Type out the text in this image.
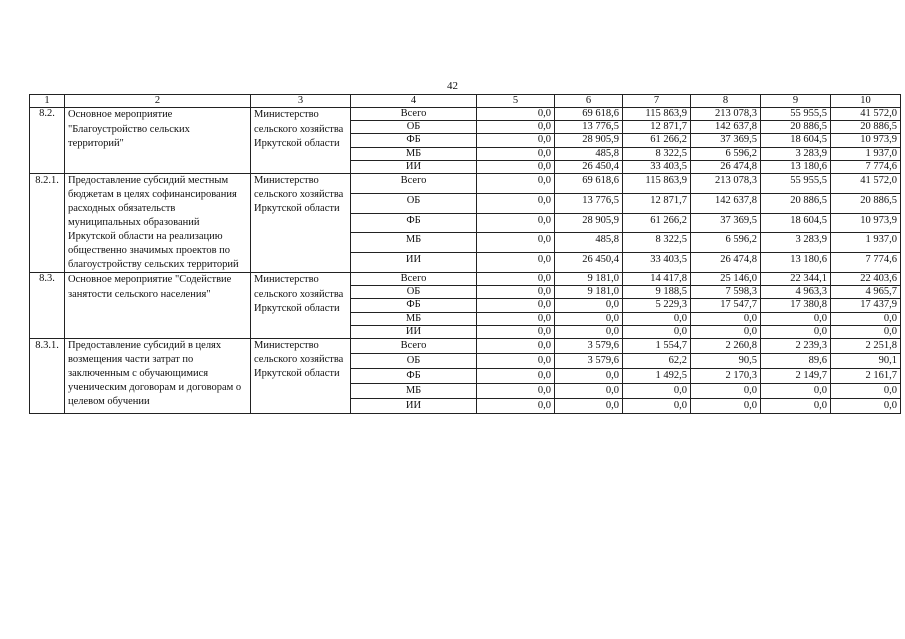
42
1	2	3	4	5	6	7	8	9	10
8.2.	Основное мероприятие "Благоустройство сельских территорий"	Министерство сельского хозяйства Иркутской области	Всего	0,0	69 618,6	115 863,9	213 078,3	55 955,5	41 572,0
			ОБ	0,0	13 776,5	12 871,7	142 637,8	20 886,5	20 886,5
			ФБ	0,0	28 905,9	61 266,2	37 369,5	18 604,5	10 973,9
			МБ	0,0	485,8	8 322,5	6 596,2	3 283,9	1 937,0
			ИИ	0,0	26 450,4	33 403,5	26 474,8	13 180,6	7 774,6
8.2.1.	Предоставление субсидий местным бюджетам в целях софинансирования расходных обязательств муниципальных образований Иркутской области на реализацию общественно значимых проектов по благоустройству сельских территорий	Министерство сельского хозяйства Иркутской области	Всего	0,0	69 618,6	115 863,9	213 078,3	55 955,5	41 572,0
			ОБ	0,0	13 776,5	12 871,7	142 637,8	20 886,5	20 886,5
			ФБ	0,0	28 905,9	61 266,2	37 369,5	18 604,5	10 973,9
			МБ	0,0	485,8	8 322,5	6 596,2	3 283,9	1 937,0
			ИИ	0,0	26 450,4	33 403,5	26 474,8	13 180,6	7 774,6
8.3.	Основное мероприятие "Содействие занятости сельского населения"	Министерство сельского хозяйства Иркутской области	Всего	0,0	9 181,0	14 417,8	25 146,0	22 344,1	22 403,6
			ОБ	0,0	9 181,0	9 188,5	7 598,3	4 963,3	4 965,7
			ФБ	0,0	0,0	5 229,3	17 547,7	17 380,8	17 437,9
			МБ	0,0	0,0	0,0	0,0	0,0	0,0
			ИИ	0,0	0,0	0,0	0,0	0,0	0,0
8.3.1.	Предоставление субсидий в целях возмещения части затрат по заключенным с обучающимися ученическим договорам и договорам о целевом обучении	Министерство сельского хозяйства Иркутской области	Всего	0,0	3 579,6	1 554,7	2 260,8	2 239,3	2 251,8
			ОБ	0,0	3 579,6	62,2	90,5	89,6	90,1
			ФБ	0,0	0,0	1 492,5	2 170,3	2 149,7	2 161,7
			МБ	0,0	0,0	0,0	0,0	0,0	0,0
			ИИ	0,0	0,0	0,0	0,0	0,0	0,0
